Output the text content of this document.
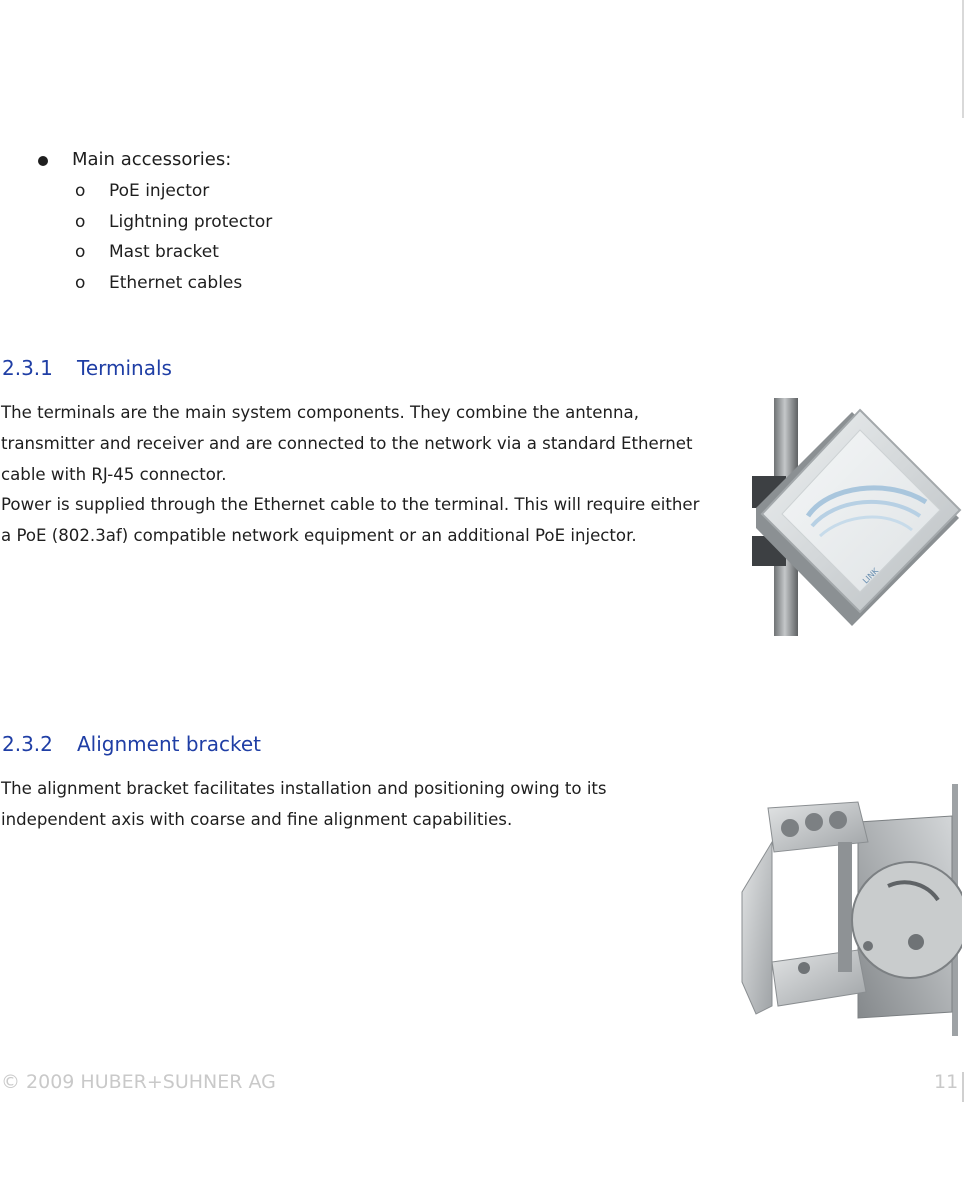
Main accessories:
o PoE injector
o Lightning protector
o Mast bracket
o Ethernet cables
2.3.1 Terminals
The terminals are the main system components. They combine the antenna,
transmitter and receiver and are connected to the network via a standard Ethernet
cable with RJ-45 connector.
Power is supplied through the Ethernet cable to the terminal. This will require either
a PoE (802.3af) compatible network equipment or an additional PoE injector.
LINK
2.3.2 Alignment bracket
The alignment bracket facilitates installation and positioning owing to its
independent axis with coarse and fine alignment capabilities.
© 2009 HUBER+SUHNER AG	11
